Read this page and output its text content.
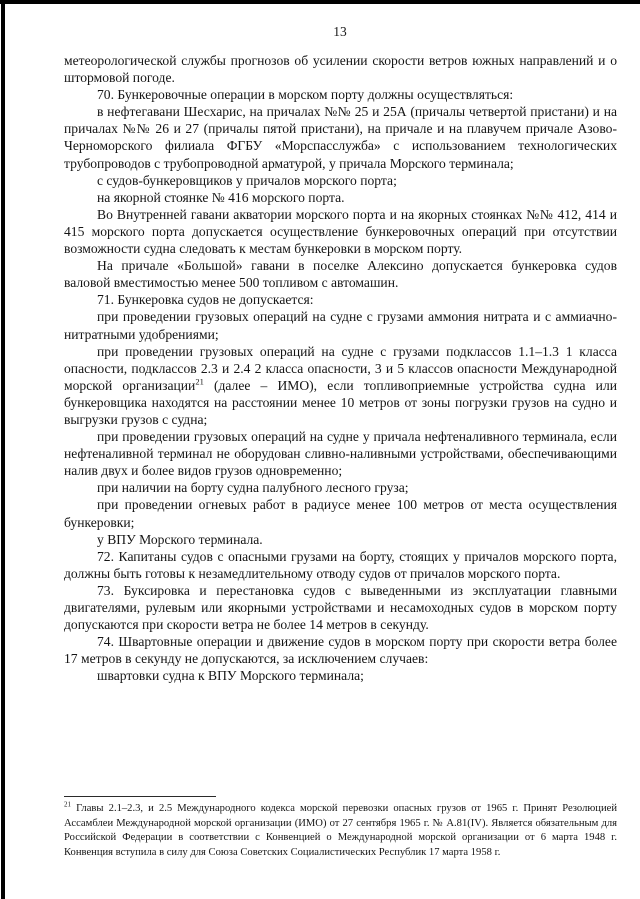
13

метеорологической службы прогнозов об усилении скорости ветров южных направлений и о штормовой погоде.

70. Бункеровочные операции в морском порту должны осуществляться:

в нефтегавани Шесхарис, на причалах №№ 25 и 25А (причалы четвертой пристани) и на причалах №№ 26 и 27 (причалы пятой пристани), на причале и на плавучем причале Азово-Черноморского филиала ФГБУ «Морспасслужба» с использованием технологических трубопроводов с трубопроводной арматурой, у причала Морского терминала;

с судов-бункеровщиков у причалов морского порта;

на якорной стоянке № 416 морского порта.

Во Внутренней гавани акватории морского порта и на якорных стоянках №№ 412, 414 и 415 морского порта допускается осуществление бункеровочных операций при отсутствии возможности судна следовать к местам бункеровки в морском порту.

На причале «Большой» гавани в поселке Алексино допускается бункеровка судов валовой вместимостью менее 500 топливом с автомашин.

71. Бункеровка судов не допускается:

при проведении грузовых операций на судне с грузами аммония нитрата и с аммиачно-нитратными удобрениями;

при проведении грузовых операций на судне с грузами подклассов 1.1–1.3 1 класса опасности, подклассов 2.3 и 2.4 2 класса опасности, 3 и 5 классов опасности Международной морской организации$^{21}$ (далее – ИМО), если топливоприемные устройства судна или бункеровщика находятся на расстоянии менее 10 метров от зоны погрузки грузов на судно и выгрузки грузов с судна;

при проведении грузовых операций на судне у причала нефтеналивного терминала, если нефтеналивной терминал не оборудован сливно-наливными устройствами, обеспечивающими налив двух и более видов грузов одновременно;

при наличии на борту судна палубного лесного груза;

при проведении огневых работ в радиусе менее 100 метров от места осуществления бункеровки;

у ВПУ Морского терминала.

72. Капитаны судов с опасными грузами на борту, стоящих у причалов морского порта, должны быть готовы к незамедлительному отводу судов от причалов морского порта.

73. Буксировка и перестановка судов с выведенными из эксплуатации главными двигателями, рулевым или якорными устройствами и несамоходных судов в морском порту допускаются при скорости ветра не более 14 метров в секунду.

74. Швартовные операции и движение судов в морском порту при скорости ветра более 17 метров в секунду не допускаются, за исключением случаев:

швартовки судна к ВПУ Морского терминала;

$^{21}$ Главы 2.1–2.3, и 2.5 Международного кодекса морской перевозки опасных грузов от 1965 г. Принят Резолюцией Ассамблеи Международной морской организации (ИМО) от 27 сентября 1965 г. № А.81(IV). Является обязательным для Российской Федерации в соответствии с Конвенцией о Международной морской организации от 6 марта 1948 г. Конвенция вступила в силу для Союза Советских Социалистических Республик 17 марта 1958 г.
